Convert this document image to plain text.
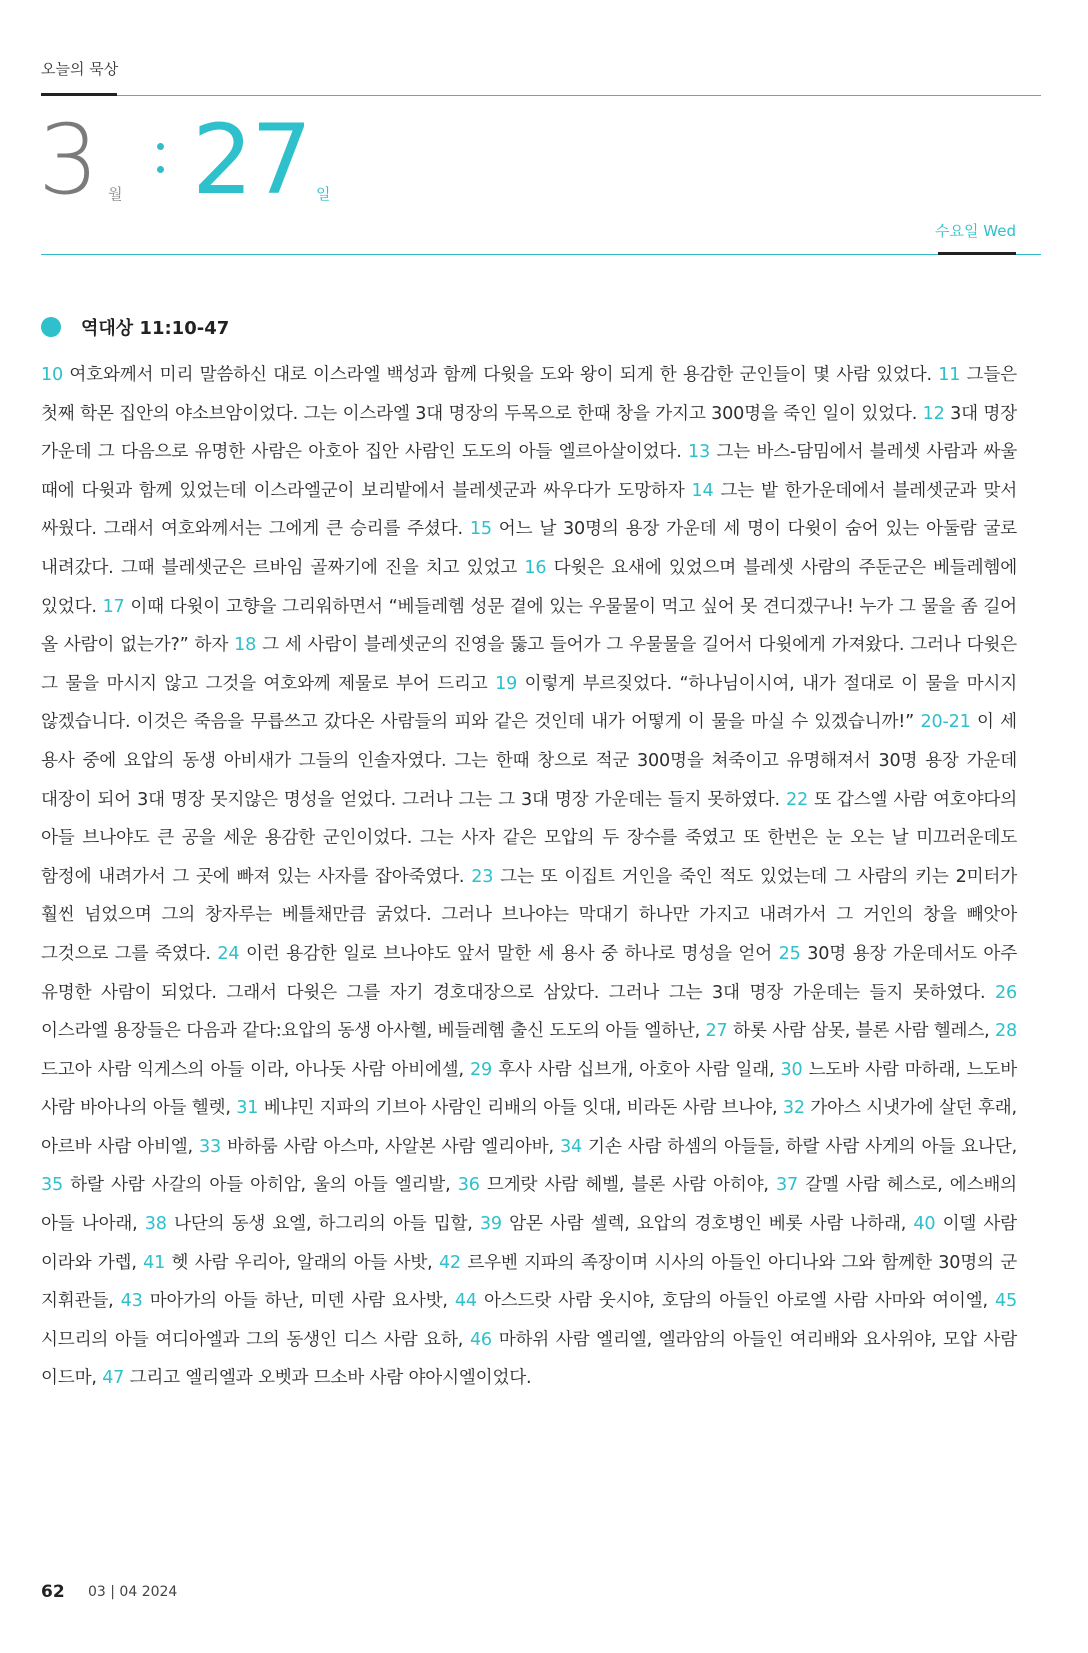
오늘의 묵상
3 월 27 일
수요일 Wed
역대상 11:10-47
10 여호와께서 미리 말씀하신 대로 이스라엘 백성과 함께 다윗을 도와 왕이 되게 한 용감한 군인들이 몇 사람 있었다. 11 그들은 첫째 학몬 집안의 야소브암이었다. 그는 이스라엘 3대 명장의 두목으로 한때 창을 가지고 300명을 죽인 일이 있었다. 12 3대 명장 가운데 그 다음으로 유명한 사람은 아호아 집안 사람인 도도의 아들 엘르아살이었다. 13 그는 바스-담밈에서 블레셋 사람과 싸울 때에 다윗과 함께 있었는데 이스라엘군이 보리밭에서 블레셋군과 싸우다가 도망하자 14 그는 밭 한가운데에서 블레셋군과 맞서 싸웠다. 그래서 여호와께서는 그에게 큰 승리를 주셨다. 15 어느 날 30명의 용장 가운데 세 명이 다윗이 숨어 있는 아둘람 굴로 내려갔다. 그때 블레셋군은 르바임 골짜기에 진을 치고 있었고 16 다윗은 요새에 있었으며 블레셋 사람의 주둔군은 베들레헴에 있었다. 17 이때 다윗이 고향을 그리워하면서 “베들레헴 성문 곁에 있는 우물물이 먹고 싶어 못 견디겠구나! 누가 그 물을 좀 길어 올 사람이 없는가?” 하자 18 그 세 사람이 블레셋군의 진영을 뚫고 들어가 그 우물물을 길어서 다윗에게 가져왔다. 그러나 다윗은 그 물을 마시지 않고 그것을 여호와께 제물로 부어 드리고 19 이렇게 부르짖었다. “하나님이시여, 내가 절대로 이 물을 마시지 않겠습니다. 이것은 죽음을 무릅쓰고 갔다온 사람들의 피와 같은 것인데 내가 어떻게 이 물을 마실 수 있겠습니까!” 20-21 이 세 용사 중에 요압의 동생 아비새가 그들의 인솔자였다. 그는 한때 창으로 적군 300명을 쳐죽이고 유명해져서 30명 용장 가운데 대장이 되어 3대 명장 못지않은 명성을 얻었다. 그러나 그는 그 3대 명장 가운데는 들지 못하였다. 22 또 갑스엘 사람 여호야다의 아들 브나야도 큰 공을 세운 용감한 군인이었다. 그는 사자 같은 모압의 두 장수를 죽였고 또 한번은 눈 오는 날 미끄러운데도 함정에 내려가서 그 곳에 빠져 있는 사자를 잡아죽였다. 23 그는 또 이집트 거인을 죽인 적도 있었는데 그 사람의 키는 2미터가 훨씬 넘었으며 그의 창자루는 베틀채만큼 굵었다. 그러나 브나야는 막대기 하나만 가지고 내려가서 그 거인의 창을 빼앗아 그것으로 그를 죽였다. 24 이런 용감한 일로 브나야도 앞서 말한 세 용사 중 하나로 명성을 얻어 25 30명 용장 가운데서도 아주 유명한 사람이 되었다. 그래서 다윗은 그를 자기 경호대장으로 삼았다. 그러나 그는 3대 명장 가운데는 들지 못하였다. 26 이스라엘 용장들은 다음과 같다:요압의 동생 아사헬, 베들레헴 출신 도도의 아들 엘하난, 27 하롯 사람 삼못, 블론 사람 헬레스, 28 드고아 사람 익게스의 아들 이라, 아나돗 사람 아비에셀, 29 후사 사람 십브개, 아호아 사람 일래, 30 느도바 사람 마하래, 느도바 사람 바아나의 아들 헬렛, 31 베냐민 지파의 기브아 사람인 리배의 아들 잇대, 비라돈 사람 브나야, 32 가아스 시냇가에 살던 후래, 아르바 사람 아비엘, 33 바하룸 사람 아스마, 사알본 사람 엘리아바, 34 기손 사람 하셈의 아들들, 하랄 사람 사게의 아들 요나단, 35 하랄 사람 사갈의 아들 아히암, 울의 아들 엘리발, 36 므게랏 사람 헤벨, 블론 사람 아히야, 37 갈멜 사람 헤스로, 에스배의 아들 나아래, 38 나단의 동생 요엘, 하그리의 아들 밉할, 39 암몬 사람 셀렉, 요압의 경호병인 베롯 사람 나하래, 40 이델 사람 이라와 가렙, 41 헷 사람 우리아, 알래의 아들 사밧, 42 르우벤 지파의 족장이며 시사의 아들인 아디나와 그와 함께한 30명의 군 지휘관들, 43 마아가의 아들 하난, 미덴 사람 요사밧, 44 아스드랏 사람 웃시야, 호담의 아들인 아로엘 사람 사마와 여이엘, 45 시므리의 아들 여디아엘과 그의 동생인 디스 사람 요하, 46 마하위 사람 엘리엘, 엘라암의 아들인 여리배와 요사위야, 모압 사람 이드마, 47 그리고 엘리엘과 오벳과 므소바 사람 야아시엘이었다.
62 03 | 04 2024
